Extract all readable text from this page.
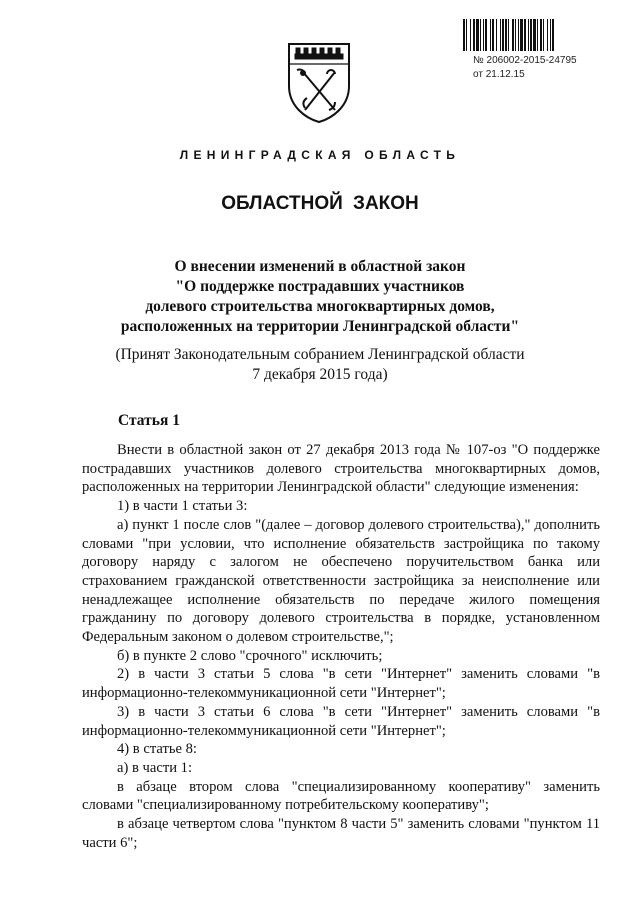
№ 206002-2015-24795
от 21.12.15
ЛЕНИНГРАДСКАЯ ОБЛАСТЬ
ОБЛАСТНОЙ ЗАКОН
О внесении изменений в областной закон
"О поддержке пострадавших участников
долевого строительства многоквартирных домов,
расположенных на территории Ленинградской области"
(Принят Законодательным собранием Ленинградской области
7 декабря 2015 года)
Статья 1

Внести в областной закон от 27 декабря 2013 года № 107-оз "О поддержке пострадавших участников долевого строительства многоквартирных домов, расположенных на территории Ленинградской области" следующие изменения:

1) в части 1 статьи 3:

а) пункт 1 после слов "(далее – договор долевого строительства)," дополнить словами "при условии, что исполнение обязательств застройщика по такому договору наряду с залогом не обеспечено поручительством банка или страхованием гражданской ответственности застройщика за неисполнение или ненадлежащее исполнение обязательств по передаче жилого помещения гражданину по договору долевого строительства в порядке, установленном Федеральным законом о долевом строительстве,";

б) в пункте 2 слово "срочного" исключить;

2) в части 3 статьи 5 слова "в сети "Интернет" заменить словами "в информационно-телекоммуникационной сети "Интернет";

3) в части 3 статьи 6 слова "в сети "Интернет" заменить словами "в информационно-телекоммуникационной сети "Интернет";

4) в статье 8:

а) в части 1:

в абзаце втором слова "специализированному кооперативу" заменить словами "специализированному потребительскому кооперативу";

в абзаце четвертом слова "пунктом 8 части 5" заменить словами "пунктом 11 части 6";
